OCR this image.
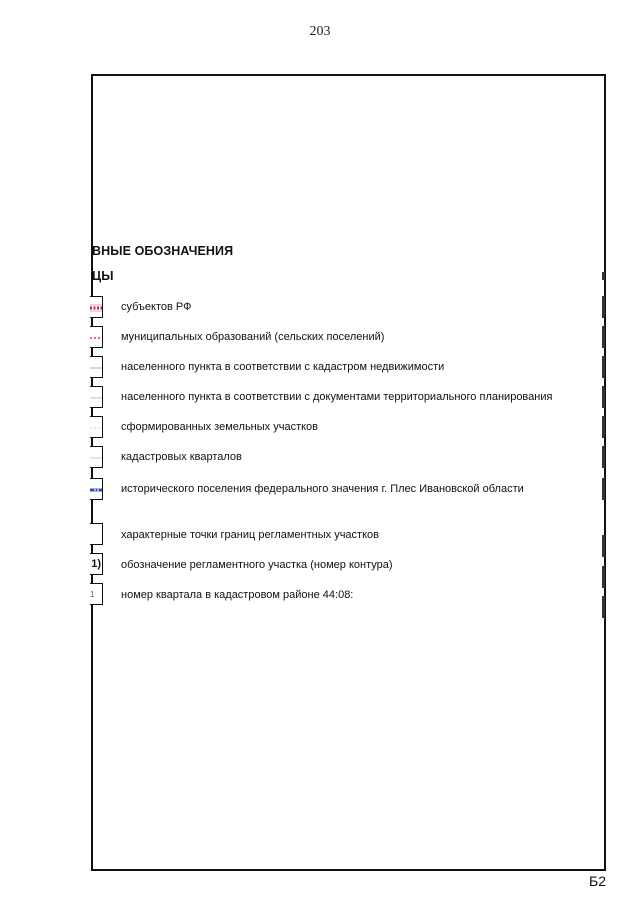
203
ВНЫЕ ОБОЗНАЧЕНИЯ
ЦЫ
субъектов РФ
муниципальных образований (сельских поселений)
населенного пункта в соответствии с кадастром недвижимости
населенного пункта в соответствии с документами территориального планирования
сформированных земельных участков
кадастровых кварталов
исторического поселения федерального значения г. Плес Ивановской области
характерные точки границ регламентных участков
1) обозначение регламентного участка (номер контура)
1 номер квартала в кадастровом районе 44:08:
Б2
